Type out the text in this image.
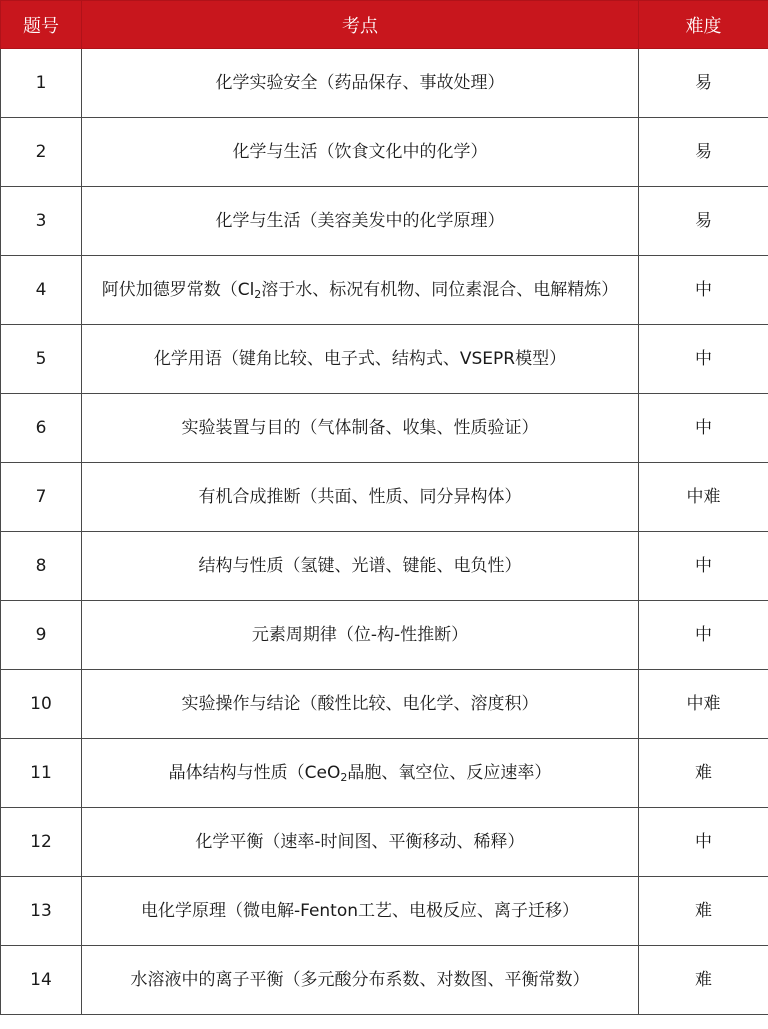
题号	考点	难度
1	化学实验安全（药品保存、事故处理）	易
2	化学与生活（饮食文化中的化学）	易
3	化学与生活（美容美发中的化学原理）	易
4	阿伏加德罗常数（$Cl_2$溶于水、标况有机物、同位素混合、电解精炼）	中
5	化学用语（键角比较、电子式、结构式、VSEPR模型）	中
6	实验装置与目的（气体制备、收集、性质验证）	中
7	有机合成推断（共面、性质、同分异构体）	中难
8	结构与性质（氢键、光谱、键能、电负性）	中
9	元素周期律（位-构-性推断）	中
10	实验操作与结论（酸性比较、电化学、溶度积）	中难
11	晶体结构与性质（CeO$_2$晶胞、氧空位、反应速率）	难
12	化学平衡（速率-时间图、平衡移动、稀释）	中
13	电化学原理（微电解-Fenton工艺、电极反应、离子迁移）	难
14	水溶液中的离子平衡（多元酸分布系数、对数图、平衡常数）	难
